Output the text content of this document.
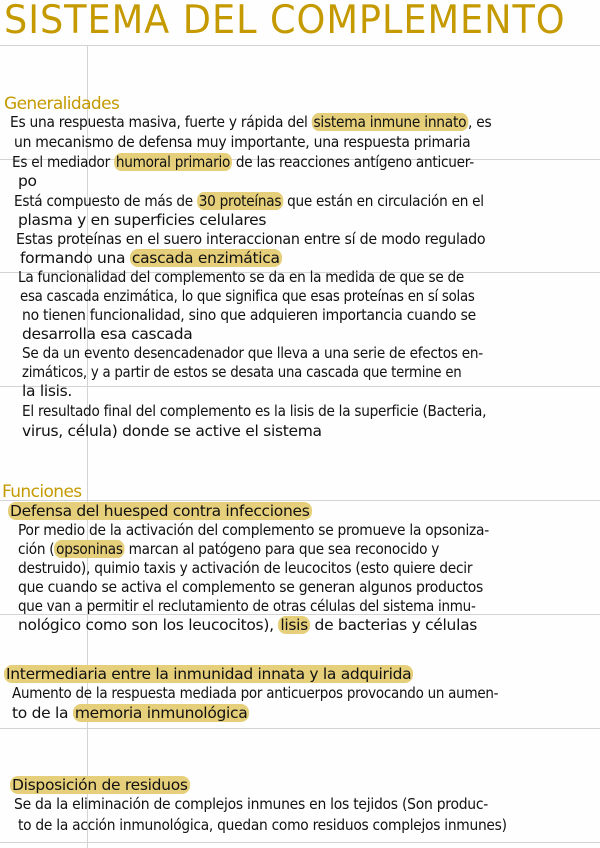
SISTEMA DEL COMPLEMENTO
Generalidades
Es una respuesta masiva, fuerte y rápida del sistema inmune innato , es
un mecanismo de defensa muy importante, una respuesta primaria
Es el mediador humoral primario de las reacciones antígeno anticuer-
po
Está compuesto de más de 30 proteínas que están en circulación en el
plasma y en superficies celulares
Estas proteínas en el suero interaccionan entre sí de modo regulado
formando una cascada enzimática
La funcionalidad del complemento se da en la medida de que se de
esa cascada enzimática, lo que significa que esas proteínas en sí solas
no tienen funcionalidad, sino que adquieren importancia cuando se
desarrolla esa cascada
Se da un evento desencadenador que lleva a una serie de efectos en-
zimáticos, y a partir de estos se desata una cascada que termine en
la lisis.
El resultado final del complemento es la lisis de la superficie (Bacteria,
virus, célula) donde se active el sistema
Funciones
Defensa del huesped contra infecciones
Por medio de la activación del complemento se promueve la opsoniza-
ción ( opsoninas marcan al patógeno para que sea reconocido y
destruido), quimio taxis y activación de leucocitos (esto quiere decir
que cuando se activa el complemento se generan algunos productos
que van a permitir el reclutamiento de otras células del sistema inmu-
nológico como son los leucocitos), lisis de bacterias y células
Intermediaria entre la inmunidad innata y la adquirida
Aumento de la respuesta mediada por anticuerpos provocando un aumen-
to de la memoria inmunológica
Disposición de residuos
Se da la eliminación de complejos inmunes en los tejidos (Son produc-
to de la acción inmunológica, quedan como residuos complejos inmunes)
